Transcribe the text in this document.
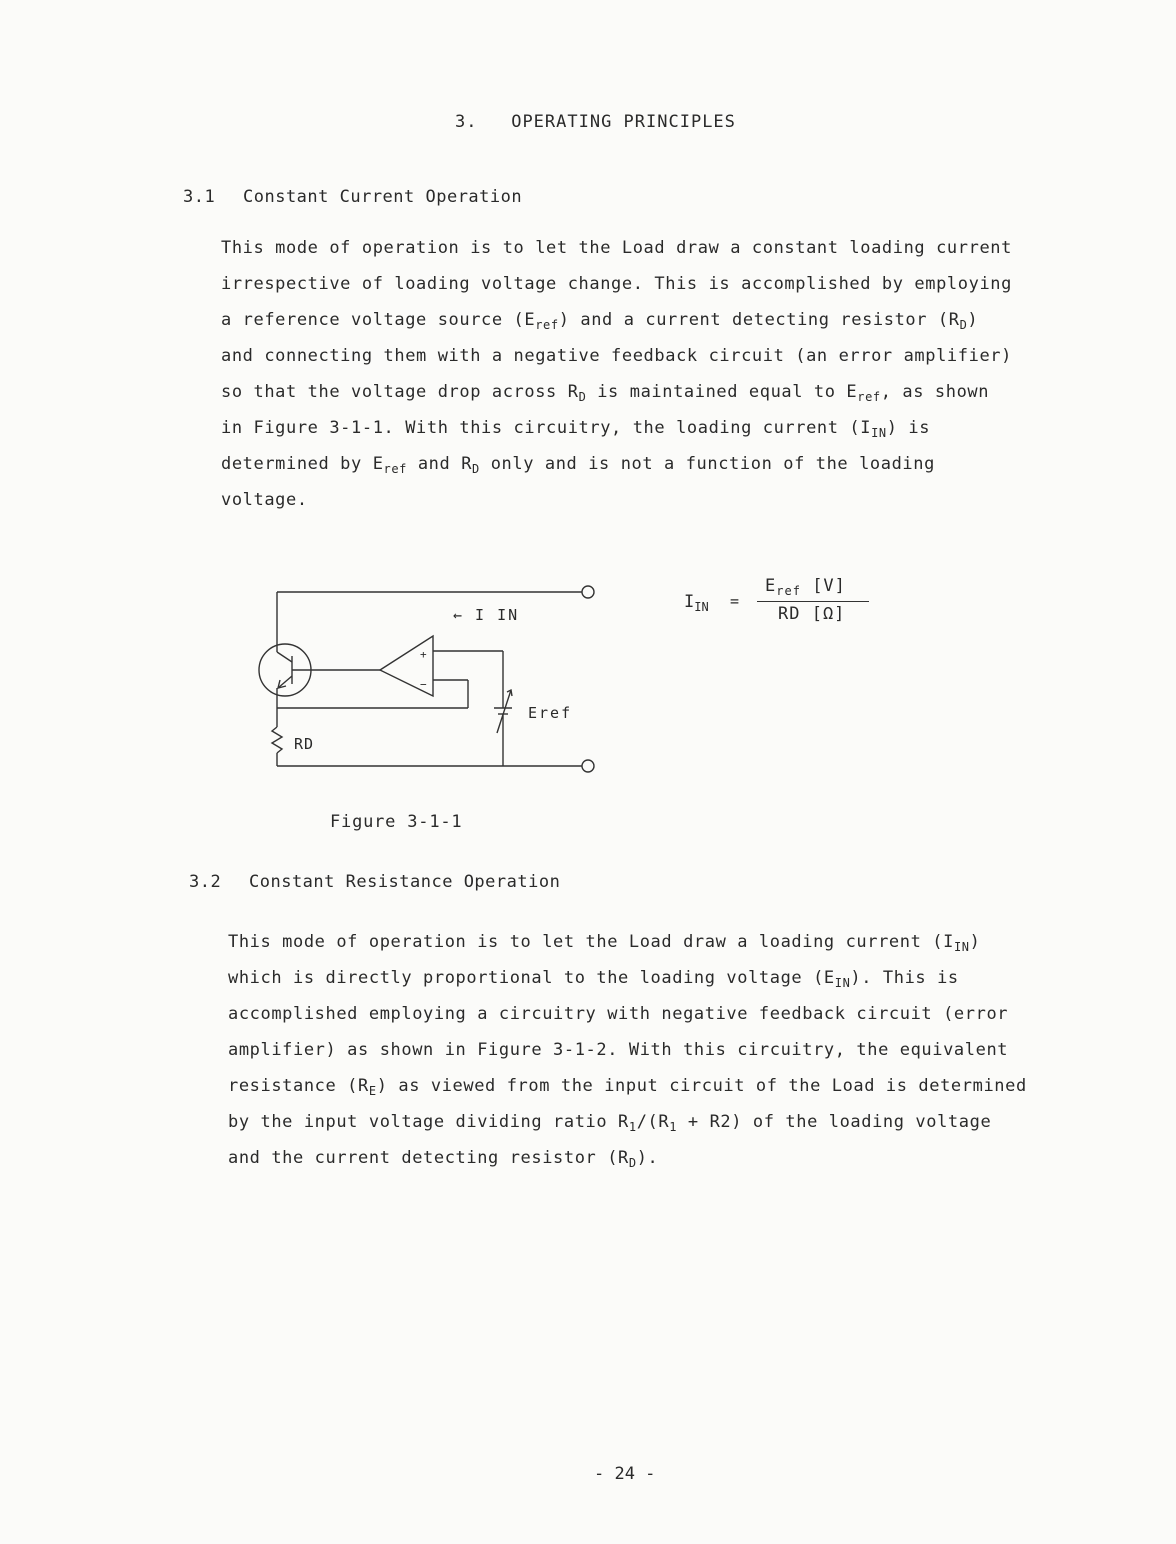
3. OPERATING PRINCIPLES
3.1 Constant Current Operation
This mode of operation is to let the Load draw a constant loading current
irrespective of loading voltage change. This is accomplished by employing
a reference voltage source $(E_{ref})$ and a current detecting resistor $(R_D)$
and connecting them with a negative feedback circuit (an error amplifier)
so that the voltage drop across $R_D$ is maintained equal to $E_{ref}$, as shown
in Figure 3-1-1. With this circuitry, the loading current $(I_{IN})$ is
determined by $E_{ref}$ and $R_D$ only and is not a function of the loading
voltage.
+
−
← I IN
Eref
RD
$I_{IN}$ =
$E_{ref}$ [V]
RD [Ω]
Figure 3-1-1
3.2 Constant Resistance Operation
This mode of operation is to let the Load draw a loading current $(I_{IN})$
which is directly proportional to the loading voltage $(E_{IN})$. This is
accomplished employing a circuitry with negative feedback circuit (error
amplifier) as shown in Figure 3-1-2. With this circuitry, the equivalent
resistance $(R_E)$ as viewed from the input circuit of the Load is determined
by the input voltage dividing ratio $R_1/(R_1 + R2)$ of the loading voltage
and the current detecting resistor $(R_D)$.
- 24 -
